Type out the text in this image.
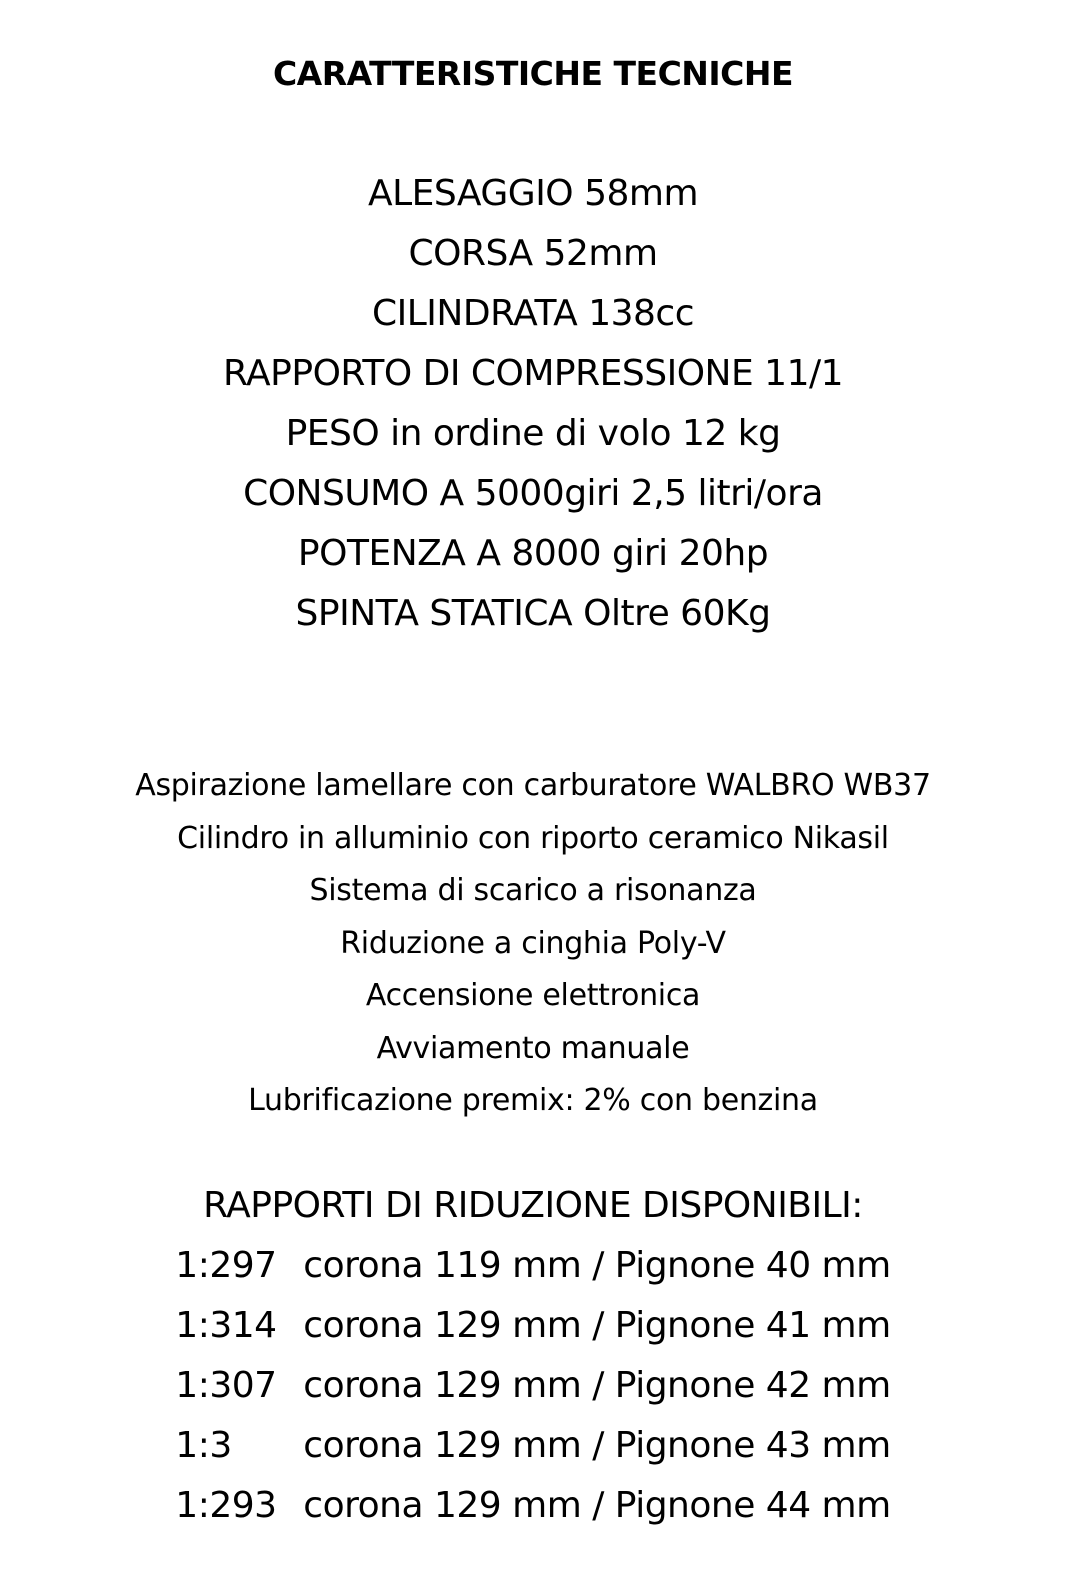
CARATTERISTICHE TECNICHE
ALESAGGIO 58mm
CORSA 52mm
CILINDRATA 138cc
RAPPORTO DI COMPRESSIONE 11/1
PESO in ordine di volo 12 kg
CONSUMO A 5000giri 2,5 litri/ora
POTENZA A 8000 giri 20hp
SPINTA STATICA Oltre 60Kg
Aspirazione lamellare con carburatore WALBRO WB37
Cilindro in alluminio con riporto ceramico Nikasil
Sistema di scarico a risonanza
Riduzione a cinghia Poly-V
Accensione elettronica
Avviamento manuale
Lubrificazione premix: 2% con benzina
RAPPORTI DI RIDUZIONE DISPONIBILI:
1:297 corona 119 mm / Pignone 40 mm
1:314 corona 129 mm / Pignone 41 mm
1:307 corona 129 mm / Pignone 42 mm
1:3	corona 129 mm / Pignone 43 mm
1:293 corona 129 mm / Pignone 44 mm
